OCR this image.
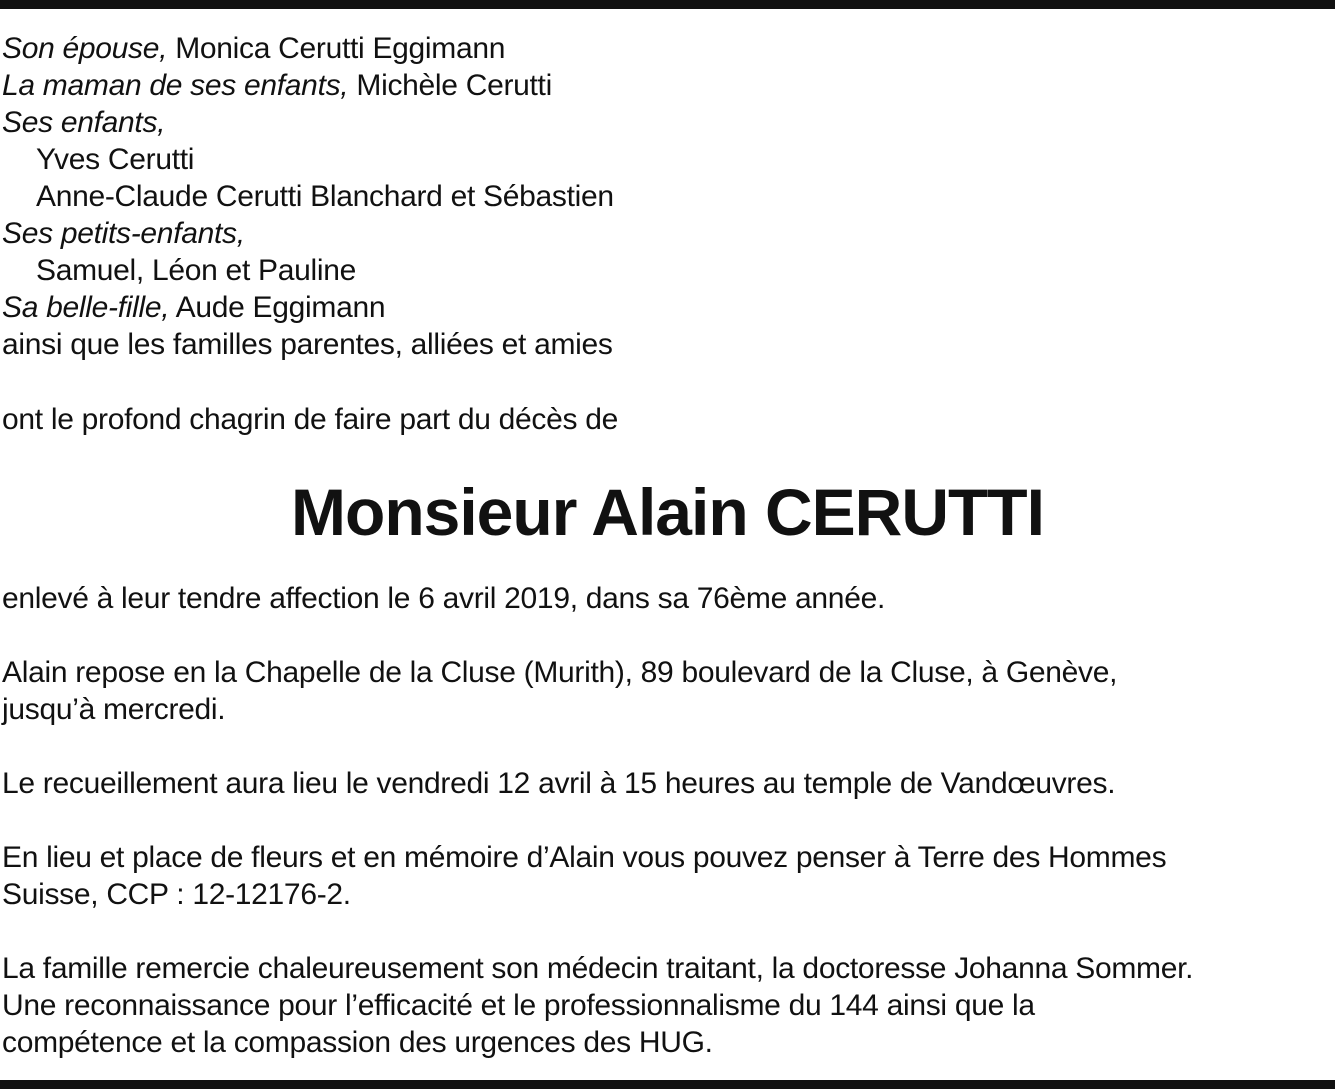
Son épouse, Monica Cerutti Eggimann
La maman de ses enfants, Michèle Cerutti
Ses enfants,
Yves Cerutti
Anne-Claude Cerutti Blanchard et Sébastien
Ses petits-enfants,
Samuel, Léon et Pauline
Sa belle-fille, Aude Eggimann
ainsi que les familles parentes, alliées et amies
ont le profond chagrin de faire part du décès de
Monsieur Alain CERUTTI
enlevé à leur tendre affection le 6 avril 2019, dans sa 76ème année.
Alain repose en la Chapelle de la Cluse (Murith), 89 boulevard de la Cluse, à Genève,
jusqu’à mercredi.
Le recueillement aura lieu le vendredi 12 avril à 15 heures au temple de Vandœuvres.
En lieu et place de fleurs et en mémoire d’Alain vous pouvez penser à Terre des Hommes
Suisse, CCP : 12-12176-2.
La famille remercie chaleureusement son médecin traitant, la doctoresse Johanna Sommer.
Une reconnaissance pour l’efficacité et le professionnalisme du 144 ainsi que la
compétence et la compassion des urgences des HUG.
